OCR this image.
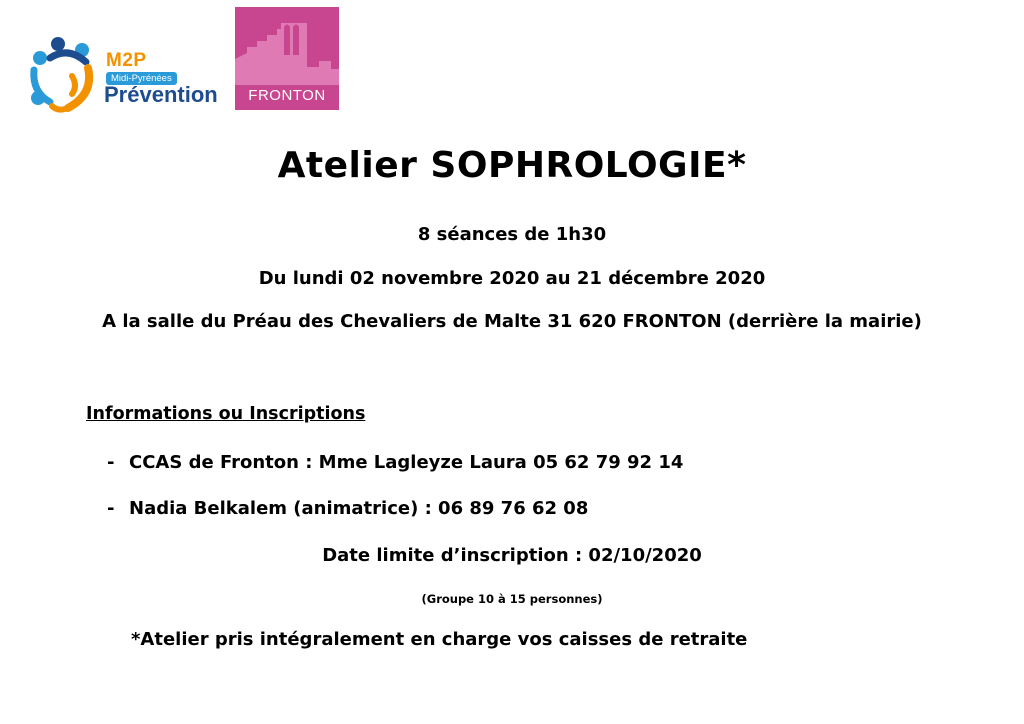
M2P
Midi-Pyrénées
Prévention	FRONTON
Atelier SOPHROLOGIE*
8 séances de 1h30
Du lundi 02 novembre 2020 au 21 décembre 2020
A la salle du Préau des Chevaliers de Malte 31 620 FRONTON (derrière la mairie)
Informations ou Inscriptions
- CCAS de Fronton : Mme Lagleyze Laura 05 62 79 92 14
- Nadia Belkalem (animatrice) : 06 89 76 62 08
Date limite d’inscription : 02/10/2020
(Groupe 10 à 15 personnes)
*Atelier pris intégralement en charge vos caisses de retraite
